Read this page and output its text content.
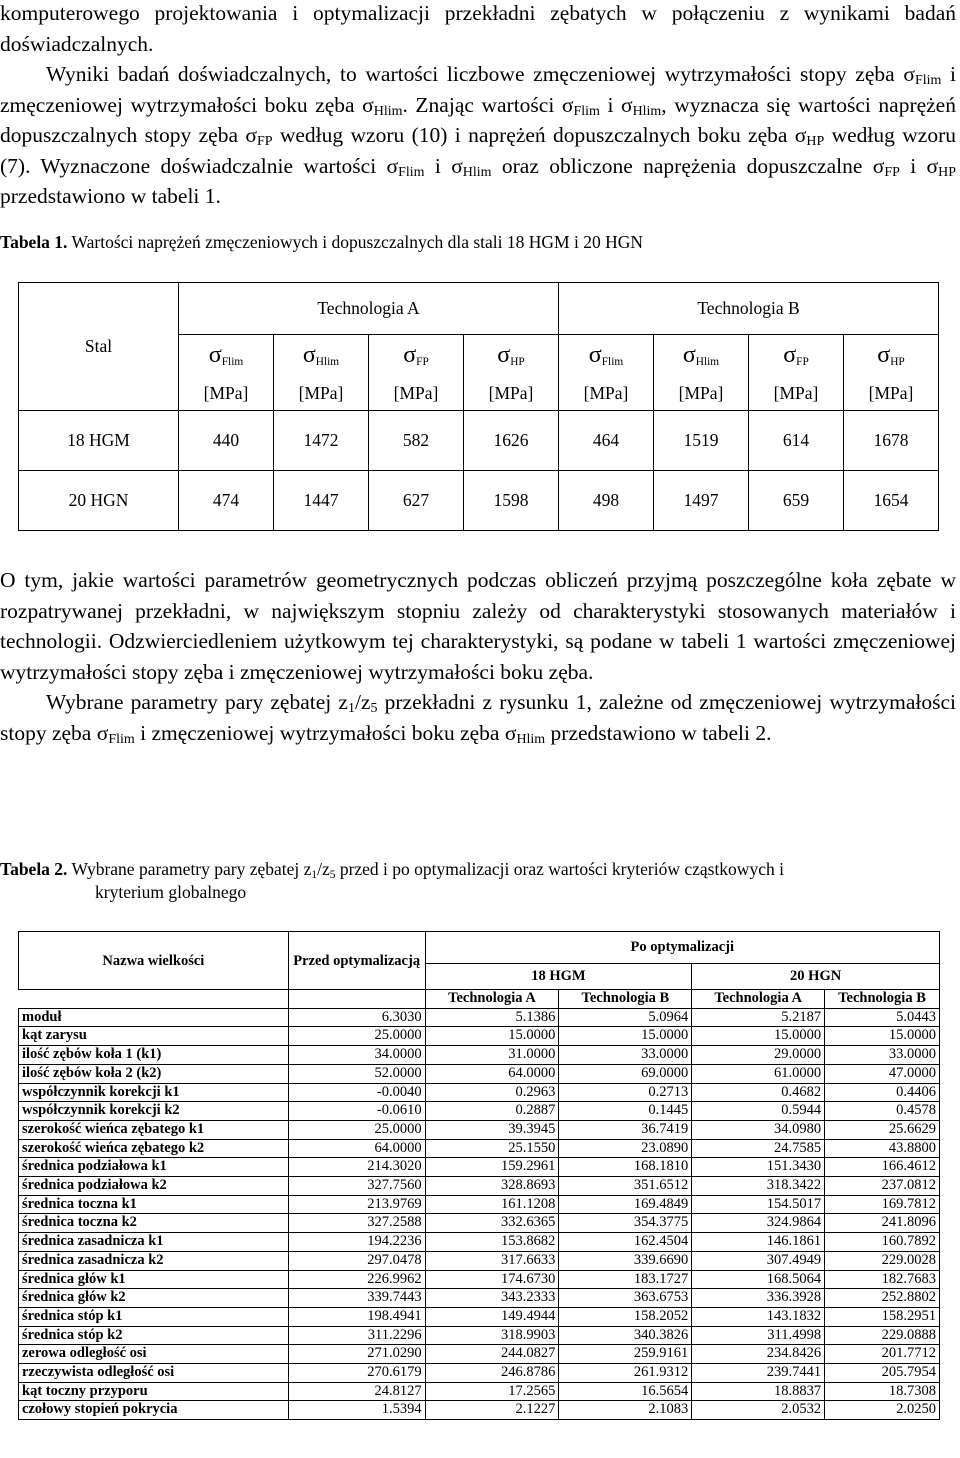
komputerowego projektowania i optymalizacji przekładni zębatych w połączeniu z wynikami badań doświadczalnych.

Wyniki badań doświadczalnych, to wartości liczbowe zmęczeniowej wytrzymałości stopy zęba $\sigma_{Flim}$ i zmęczeniowej wytrzymałości boku zęba $\sigma_{Hlim}$. Znając wartości $\sigma_{Flim}$ i $\sigma_{Hlim}$, wyznacza się wartości naprężeń dopuszczalnych stopy zęba $\sigma_{FP}$ według wzoru (10) i naprężeń dopuszczalnych boku zęba $\sigma_{HP}$ według wzoru (7). Wyznaczone doświadczalnie wartości $\sigma_{Flim}$ i $\sigma_{Hlim}$ oraz obliczone naprężenia dopuszczalne $\sigma_{FP}$ i $\sigma_{HP}$ przedstawiono w tabeli 1.

Tabela 1. Wartości naprężeń zmęczeniowych i dopuszczalnych dla stali 18 HGM i 20 HGN
Stal	Technologia A				Technologia B			
	$\sigma_{Flim}$	$\sigma_{Hlim}$	$\sigma_{FP}$	$\sigma_{HP}$	$\sigma_{Flim}$	$\sigma_{Hlim}$	$\sigma_{FP}$	$\sigma_{HP}$
	[MPa]	[MPa]	[MPa]	[MPa]	[MPa]	[MPa]	[MPa]	[MPa]
18 HGM	440	1472	582	1626	464	1519	614	1678
20 HGN	474	1447	627	1598	498	1497	659	1654

O tym, jakie wartości parametrów geometrycznych podczas obliczeń przyjmą poszczególne koła zębate w rozpatrywanej przekładni, w największym stopniu zależy od charakterystyki stosowanych materiałów i technologii. Odzwierciedleniem użytkowym tej charakterystyki, są podane w tabeli 1 wartości zmęczeniowej wytrzymałości stopy zęba i zmęczeniowej wytrzymałości boku zęba.

Wybrane parametry pary zębatej $z_1/z_5$ przekładni z rysunku 1, zależne od zmęczeniowej wytrzymałości stopy zęba $\sigma_{Flim}$ i zmęczeniowej wytrzymałości boku zęba $\sigma_{Hlim}$ przedstawiono w tabeli 2.

Tabela 2. Wybrane parametry pary zębatej $z_1/z_5$ przed i po optymalizacji oraz wartości kryteriów cząstkowych i
kryterium globalnego
Nazwa wielkości	Przed optymalizacją	Po optymalizacji			
		18 HGM		20 HGN	
		Technologia A	Technologia B	Technologia A	Technologia B
moduł	6.3030	5.1386	5.0964	5.2187	5.0443
kąt zarysu	25.0000	15.0000	15.0000	15.0000	15.0000
ilość zębów koła 1 (k1)	34.0000	31.0000	33.0000	29.0000	33.0000
ilość zębów koła 2 (k2)	52.0000	64.0000	69.0000	61.0000	47.0000
współczynnik korekcji k1	-0.0040	0.2963	0.2713	0.4682	0.4406
współczynnik korekcji k2	-0.0610	0.2887	0.1445	0.5944	0.4578
szerokość wieńca zębatego k1	25.0000	39.3945	36.7419	34.0980	25.6629
szerokość wieńca zębatego k2	64.0000	25.1550	23.0890	24.7585	43.8800
średnica podziałowa k1	214.3020	159.2961	168.1810	151.3430	166.4612
średnica podziałowa k2	327.7560	328.8693	351.6512	318.3422	237.0812
średnica toczna k1	213.9769	161.1208	169.4849	154.5017	169.7812
średnica toczna k2	327.2588	332.6365	354.3775	324.9864	241.8096
średnica zasadnicza k1	194.2236	153.8682	162.4504	146.1861	160.7892
średnica zasadnicza k2	297.0478	317.6633	339.6690	307.4949	229.0028
średnica głów k1	226.9962	174.6730	183.1727	168.5064	182.7683
średnica głów k2	339.7443	343.2333	363.6753	336.3928	252.8802
średnica stóp k1	198.4941	149.4944	158.2052	143.1832	158.2951
średnica stóp k2	311.2296	318.9903	340.3826	311.4998	229.0888
zerowa odległość osi	271.0290	244.0827	259.9161	234.8426	201.7712
rzeczywista odległość osi	270.6179	246.8786	261.9312	239.7441	205.7954
kąt toczny przyporu	24.8127	17.2565	16.5654	18.8837	18.7308
czołowy stopień pokrycia	1.5394	2.1227	2.1083	2.0532	2.0250
